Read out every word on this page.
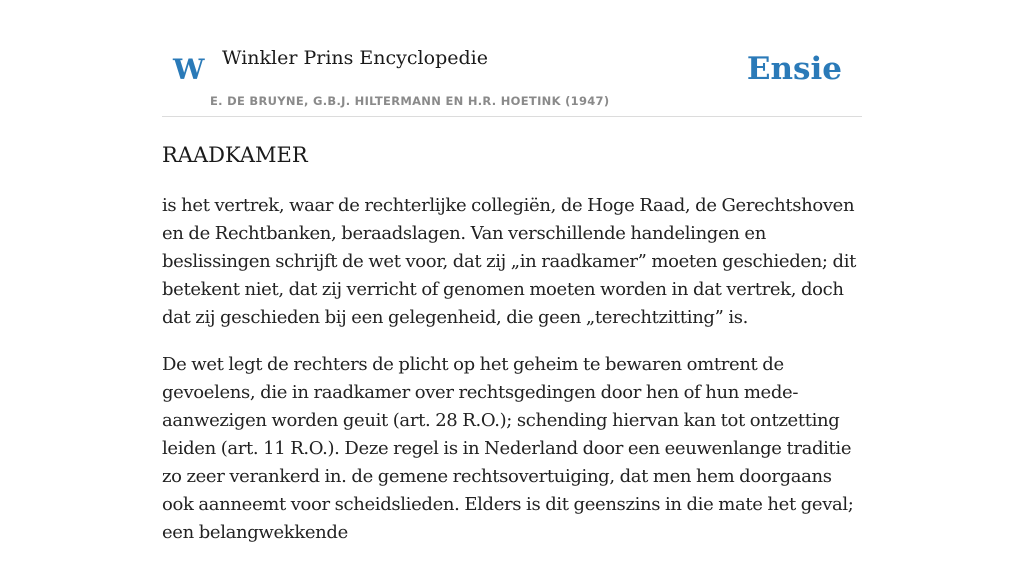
W Winkler Prins Encyclopedie
E. DE BRUYNE, G.B.J. HILTERMANN EN H.R. HOETINK (1947)
Ensie
RAADKAMER

is het vertrek, waar de rechterlijke collegiën, de Hoge Raad, de Gerechtshoven en de Rechtbanken, beraadslagen. Van verschillende handelingen en beslissingen schrijft de wet voor, dat zij „in raadkamer” moeten geschieden; dit betekent niet, dat zij verricht of genomen moeten worden in dat vertrek, doch dat zij geschieden bij een gelegenheid, die geen „terechtzitting” is.

De wet legt de rechters de plicht op het geheim te bewaren omtrent de gevoelens, die in raadkamer over rechtsgedingen door hen of hun mede-aanwezigen worden geuit (art. 28 R.O.); schending hiervan kan tot ontzetting leiden (art. 11 R.O.). Deze regel is in Nederland door een eeuwenlange traditie zo zeer verankerd in. de gemene rechtsovertuiging, dat men hem doorgaans ook aanneemt voor scheidslieden. Elders is dit geenszins in die mate het geval; een belangwekkende
